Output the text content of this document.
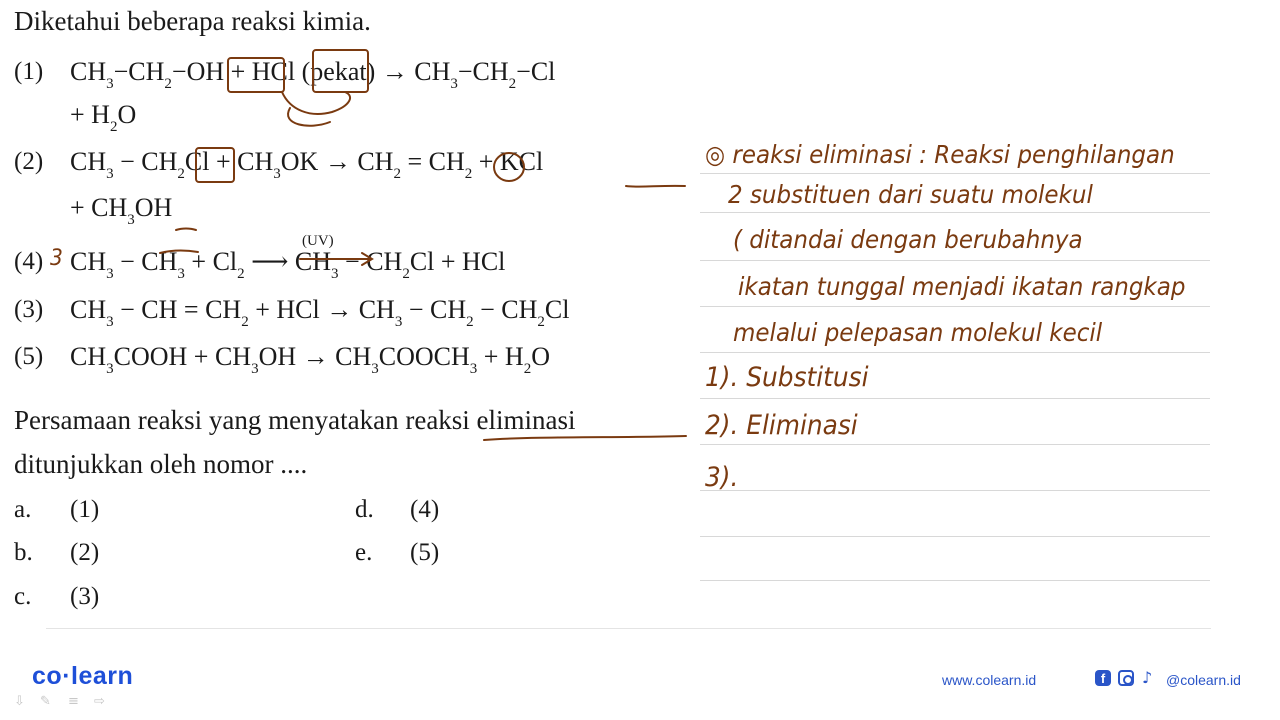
Diketahui beberapa reaksi kimia.
(1) $CH_3-CH_2-OH$ + HCl (pekat) → $CH_3-CH_2-Cl$
+ $H_2O$
(2) $CH_3 - CH_2Cl + CH_3OK \to CH_2 = CH_2$ + KCl
+ $CH_3OH$
(4) 3 $CH_3 - CH_3 + Cl_2$ ⟶ $CH_3 - CH_2Cl$ + HCl
(UV)
(3) $CH_3$ − CH = $CH_2$ + HCl → $CH_3 - CH_2 - CH_2Cl$
(5) $CH_3COOH + CH_3OH$ → $CH_3COOCH_3 + H_2O$
Persamaan reaksi yang menyatakan reaksi eliminasi
ditunjukkan oleh nomor ....
a. (1)
b. (2)
c. (3)
d. (4)
e. (5)
◎ reaksi eliminasi : Reaksi penghilangan
2 substituen dari suatu molekul
( ditandai dengan berubahnya
ikatan tunggal menjadi ikatan rangkap
melalui pelepasan molekul kecil
1). Substitusi
2). Eliminasi
3).
co·learn	www.colearn.id	f	♪ @colearn.id
⇩ ✎ ≡ ⇨
